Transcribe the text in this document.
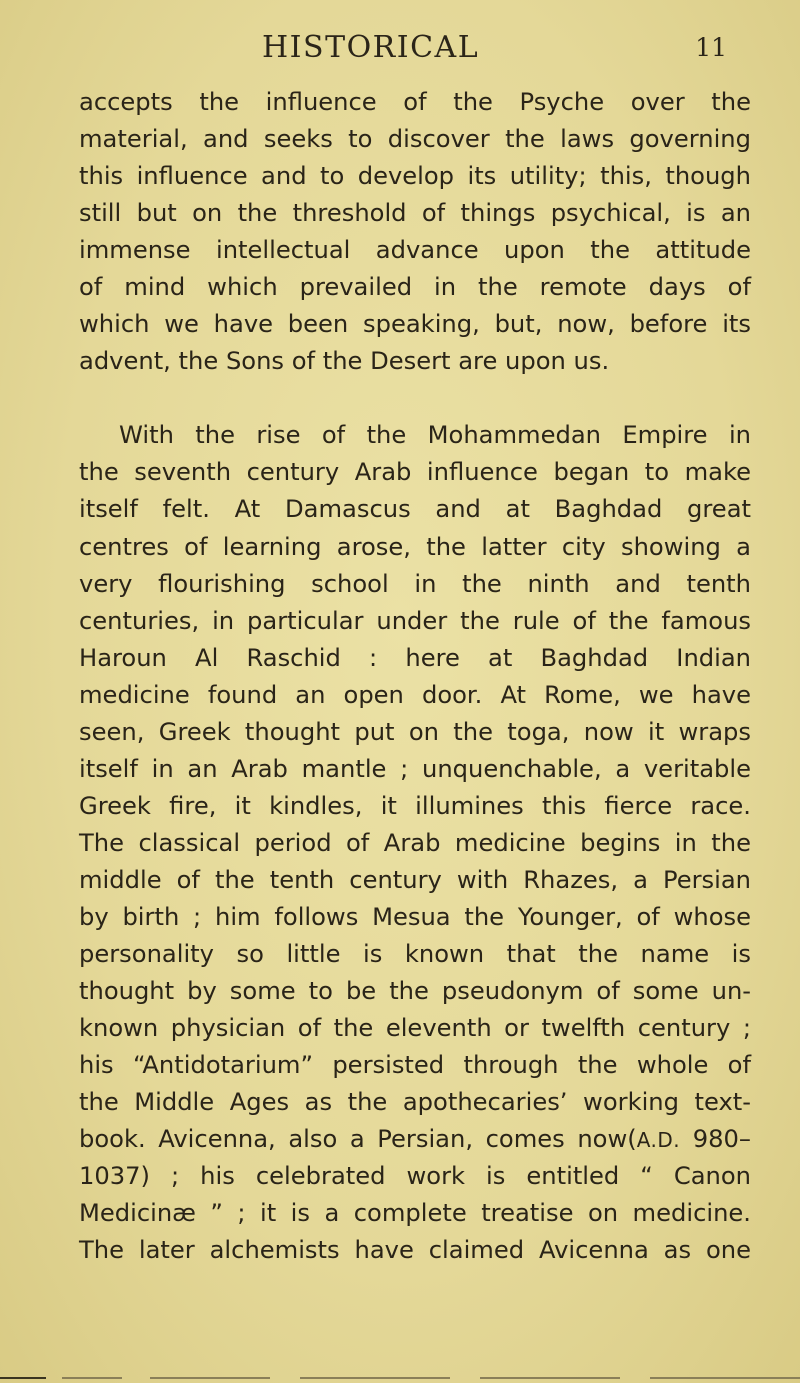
HISTORICAL	11
accepts the influence of the Psyche over the
material, and seeks to discover the laws governing
this influence and to develop its utility; this, though
still but on the threshold of things psychical, is an
immense intellectual advance upon the attitude
of mind which prevailed in the remote days of
which we have been speaking, but, now, before its
advent, the Sons of the Desert are upon us.
With the rise of the Mohammedan Empire in
the seventh century Arab influence began to make
itself felt. At Damascus and at Baghdad great
centres of learning arose, the latter city showing a
very flourishing school in the ninth and tenth
centuries, in particular under the rule of the famous
Haroun Al Raschid : here at Baghdad Indian
medicine found an open door. At Rome, we have
seen, Greek thought put on the toga, now it wraps
itself in an Arab mantle ; unquenchable, a veritable
Greek fire, it kindles, it illumines this fierce race.
The classical period of Arab medicine begins in the
middle of the tenth century with Rhazes, a Persian
by birth ; him follows Mesua the Younger, of whose
personality so little is known that the name is
thought by some to be the pseudonym of some un-
known physician of the eleventh or twelfth century ;
his “Antidotarium” persisted through the whole of
the Middle Ages as the apothecaries’ working text-
book. Avicenna, also a Persian, comes now(A.D. 980–
1037) ; his celebrated work is entitled “ Canon
Medicinæ ” ; it is a complete treatise on medicine.
The later alchemists have claimed Avicenna as one
